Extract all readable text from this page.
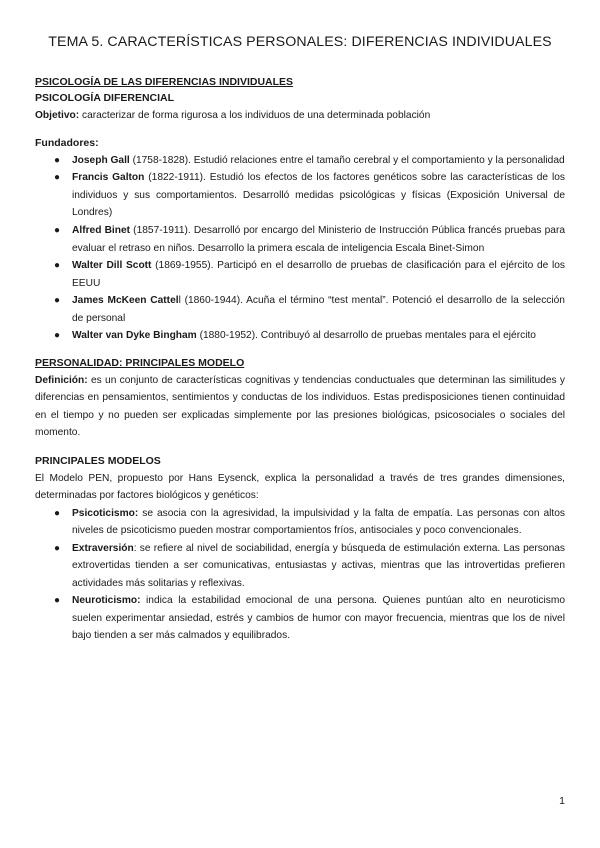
TEMA 5. CARACTERÍSTICAS PERSONALES: DIFERENCIAS INDIVIDUALES
PSICOLOGÍA DE LAS DIFERENCIAS INDIVIDUALES
PSICOLOGÍA DIFERENCIAL

Objetivo: caracterizar de forma rigurosa a los individuos de una determinada población

Fundadores:
● Joseph Gall (1758-1828). Estudió relaciones entre el tamaño cerebral y el comportamiento y la personalidad
● Francis Galton (1822-1911). Estudió los efectos de los factores genéticos sobre las características de los individuos y sus comportamientos. Desarrolló medidas psicológicas y físicas (Exposición Universal de Londres)
● Alfred Binet (1857-1911). Desarrolló por encargo del Ministerio de Instrucción Pública francés pruebas para evaluar el retraso en niños. Desarrollo la primera escala de inteligencia Escala Binet-Simon
● Walter Dill Scott (1869-1955). Participó en el desarrollo de pruebas de clasificación para el ejército de los EEUU
● James McKeen Cattell (1860-1944). Acuña el término “test mental”. Potenció el desarrollo de la selección de personal
● Walter van Dyke Bingham (1880-1952). Contribuyó al desarrollo de pruebas mentales para el ejército
PERSONALIDAD: PRINCIPALES MODELO

Definición: es un conjunto de características cognitivas y tendencias conductuales que determinan las similitudes y diferencias en pensamientos, sentimientos y conductas de los individuos. Estas predisposiciones tienen continuidad en el tiempo y no pueden ser explicadas simplemente por las presiones biológicas, psicosociales o sociales del momento.

PRINCIPALES MODELOS

El Modelo PEN, propuesto por Hans Eysenck, explica la personalidad a través de tres grandes dimensiones, determinadas por factores biológicos y genéticos:

● Psicoticismo: se asocia con la agresividad, la impulsividad y la falta de empatía. Las personas con altos niveles de psicoticismo pueden mostrar comportamientos fríos, antisociales y poco convencionales.
● Extraversión: se refiere al nivel de sociabilidad, energía y búsqueda de estimulación externa. Las personas extrovertidas tienden a ser comunicativas, entusiastas y activas, mientras que las introvertidas prefieren actividades más solitarias y reflexivas.
● Neuroticismo: indica la estabilidad emocional de una persona. Quienes puntúan alto en neuroticismo suelen experimentar ansiedad, estrés y cambios de humor con mayor frecuencia, mientras que los de nivel bajo tienden a ser más calmados y equilibrados.
1
